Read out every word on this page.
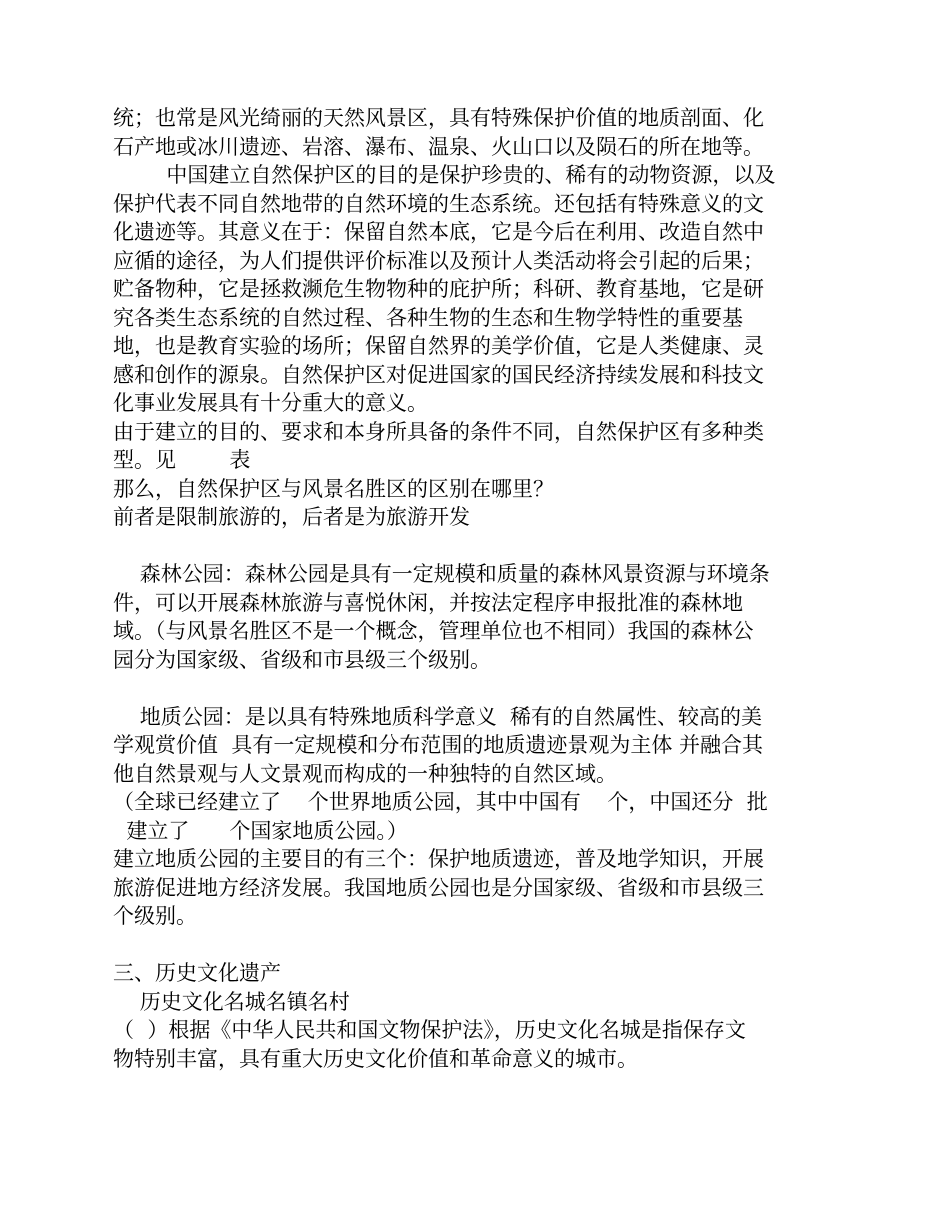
统；也常是风光绮丽的天然风景区，具有特殊保护价值的地质剖面、化
石产地或冰川遗迹、岩溶、瀑布、温泉、火山口以及陨石的所在地等。
中国建立自然保护区的目的是保护珍贵的、稀有的动物资源，以及
保护代表不同自然地带的自然环境的生态系统。还包括有特殊意义的文
化遗迹等。其意义在于：保留自然本底，它是今后在利用、改造自然中
应循的途径，为人们提供评价标准以及预计人类活动将会引起的后果；
贮备物种，它是拯救濒危生物物种的庇护所；科研、教育基地，它是研
究各类生态系统的自然过程、各种生物的生态和生物学特性的重要基
地，也是教育实验的场所；保留自然界的美学价值，它是人类健康、灵
感和创作的源泉。自然保护区对促进国家的国民经济持续发展和科技文
化事业发展具有十分重大的意义。
由于建立的目的、要求和本身所具备的条件不同，自然保护区有多种类
型。见        表
那么，自然保护区与风景名胜区的区别在哪里？
前者是限制旅游的，后者是为旅游开发
森林公园：森林公园是具有一定规模和质量的森林风景资源与环境条
件，可以开展森林旅游与喜悦休闲，并按法定程序申报批准的森林地
域。（与风景名胜区不是一个概念，管理单位也不相同）我国的森林公
园分为国家级、省级和市县级三个级别。
地质公园：是以具有特殊地质科学意义  稀有的自然属性、较高的美
学观赏价值  具有一定规模和分布范围的地质遗迹景观为主体 并融合其
他自然景观与人文景观而构成的一种独特的自然区域。
（全球已经建立了    个世界地质公园，其中中国有    个，中国还分  批
建立了      个国家地质公园。）
建立地质公园的主要目的有三个：保护地质遗迹，普及地学知识，开展
旅游促进地方经济发展。我国地质公园也是分国家级、省级和市县级三
个级别。
三、历史文化遗产
历史文化名城名镇名村
（  ）根据《中华人民共和国文物保护法》，历史文化名城是指保存文
物特别丰富，具有重大历史文化价值和革命意义的城市。
